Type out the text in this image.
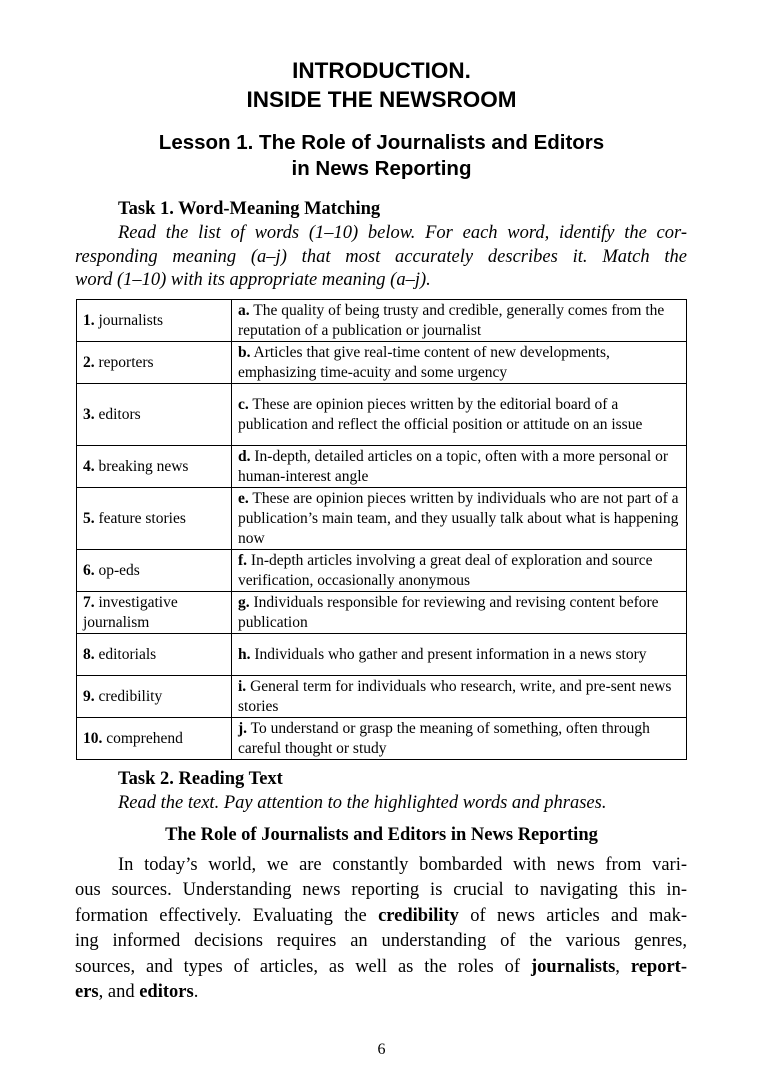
INTRODUCTION.
INSIDE THE NEWSROOM
Lesson 1. The Role of Journalists and Editors
in News Reporting
Task 1. Word-Meaning Matching
Read the list of words (1–10) below. For each word, identify the cor-
responding meaning (a–j) that most accurately describes it. Match the
word (1–10) with its appropriate meaning (a–j).
1. journalists	a. The quality of being trusty and credible, generally comes from the reputation of a publication or journalist
2. reporters	b. Articles that give real-time content of new developments, emphasizing time-acuity and some urgency
3. editors	c. These are opinion pieces written by the editorial board of a publication and reflect the official position or attitude on an issue
4. breaking news	d. In-depth, detailed articles on a topic, often with a more personal or human-interest angle
5. feature stories	e. These are opinion pieces written by individuals who are not part of a publication’s main team, and they usually talk about what is happening now
6. op-eds	f. In-depth articles involving a great deal of exploration and source verification, occasionally anonymous
7. investigative journalism	g. Individuals responsible for reviewing and revising content before publication
8. editorials	h. Individuals who gather and present information in a news story
9. credibility	i. General term for individuals who research, write, and pre-sent news stories
10. comprehend	j. To understand or grasp the meaning of something, often through careful thought or study
Task 2. Reading Text
Read the text. Pay attention to the highlighted words and phrases.
The Role of Journalists and Editors in News Reporting
In today’s world, we are constantly bombarded with news from vari-
ous sources. Understanding news reporting is crucial to navigating this in-
formation effectively. Evaluating the credibility of news articles and mak-
ing informed decisions requires an understanding of the various genres,
sources, and types of articles, as well as the roles of journalists, report-
ers, and editors.
6
